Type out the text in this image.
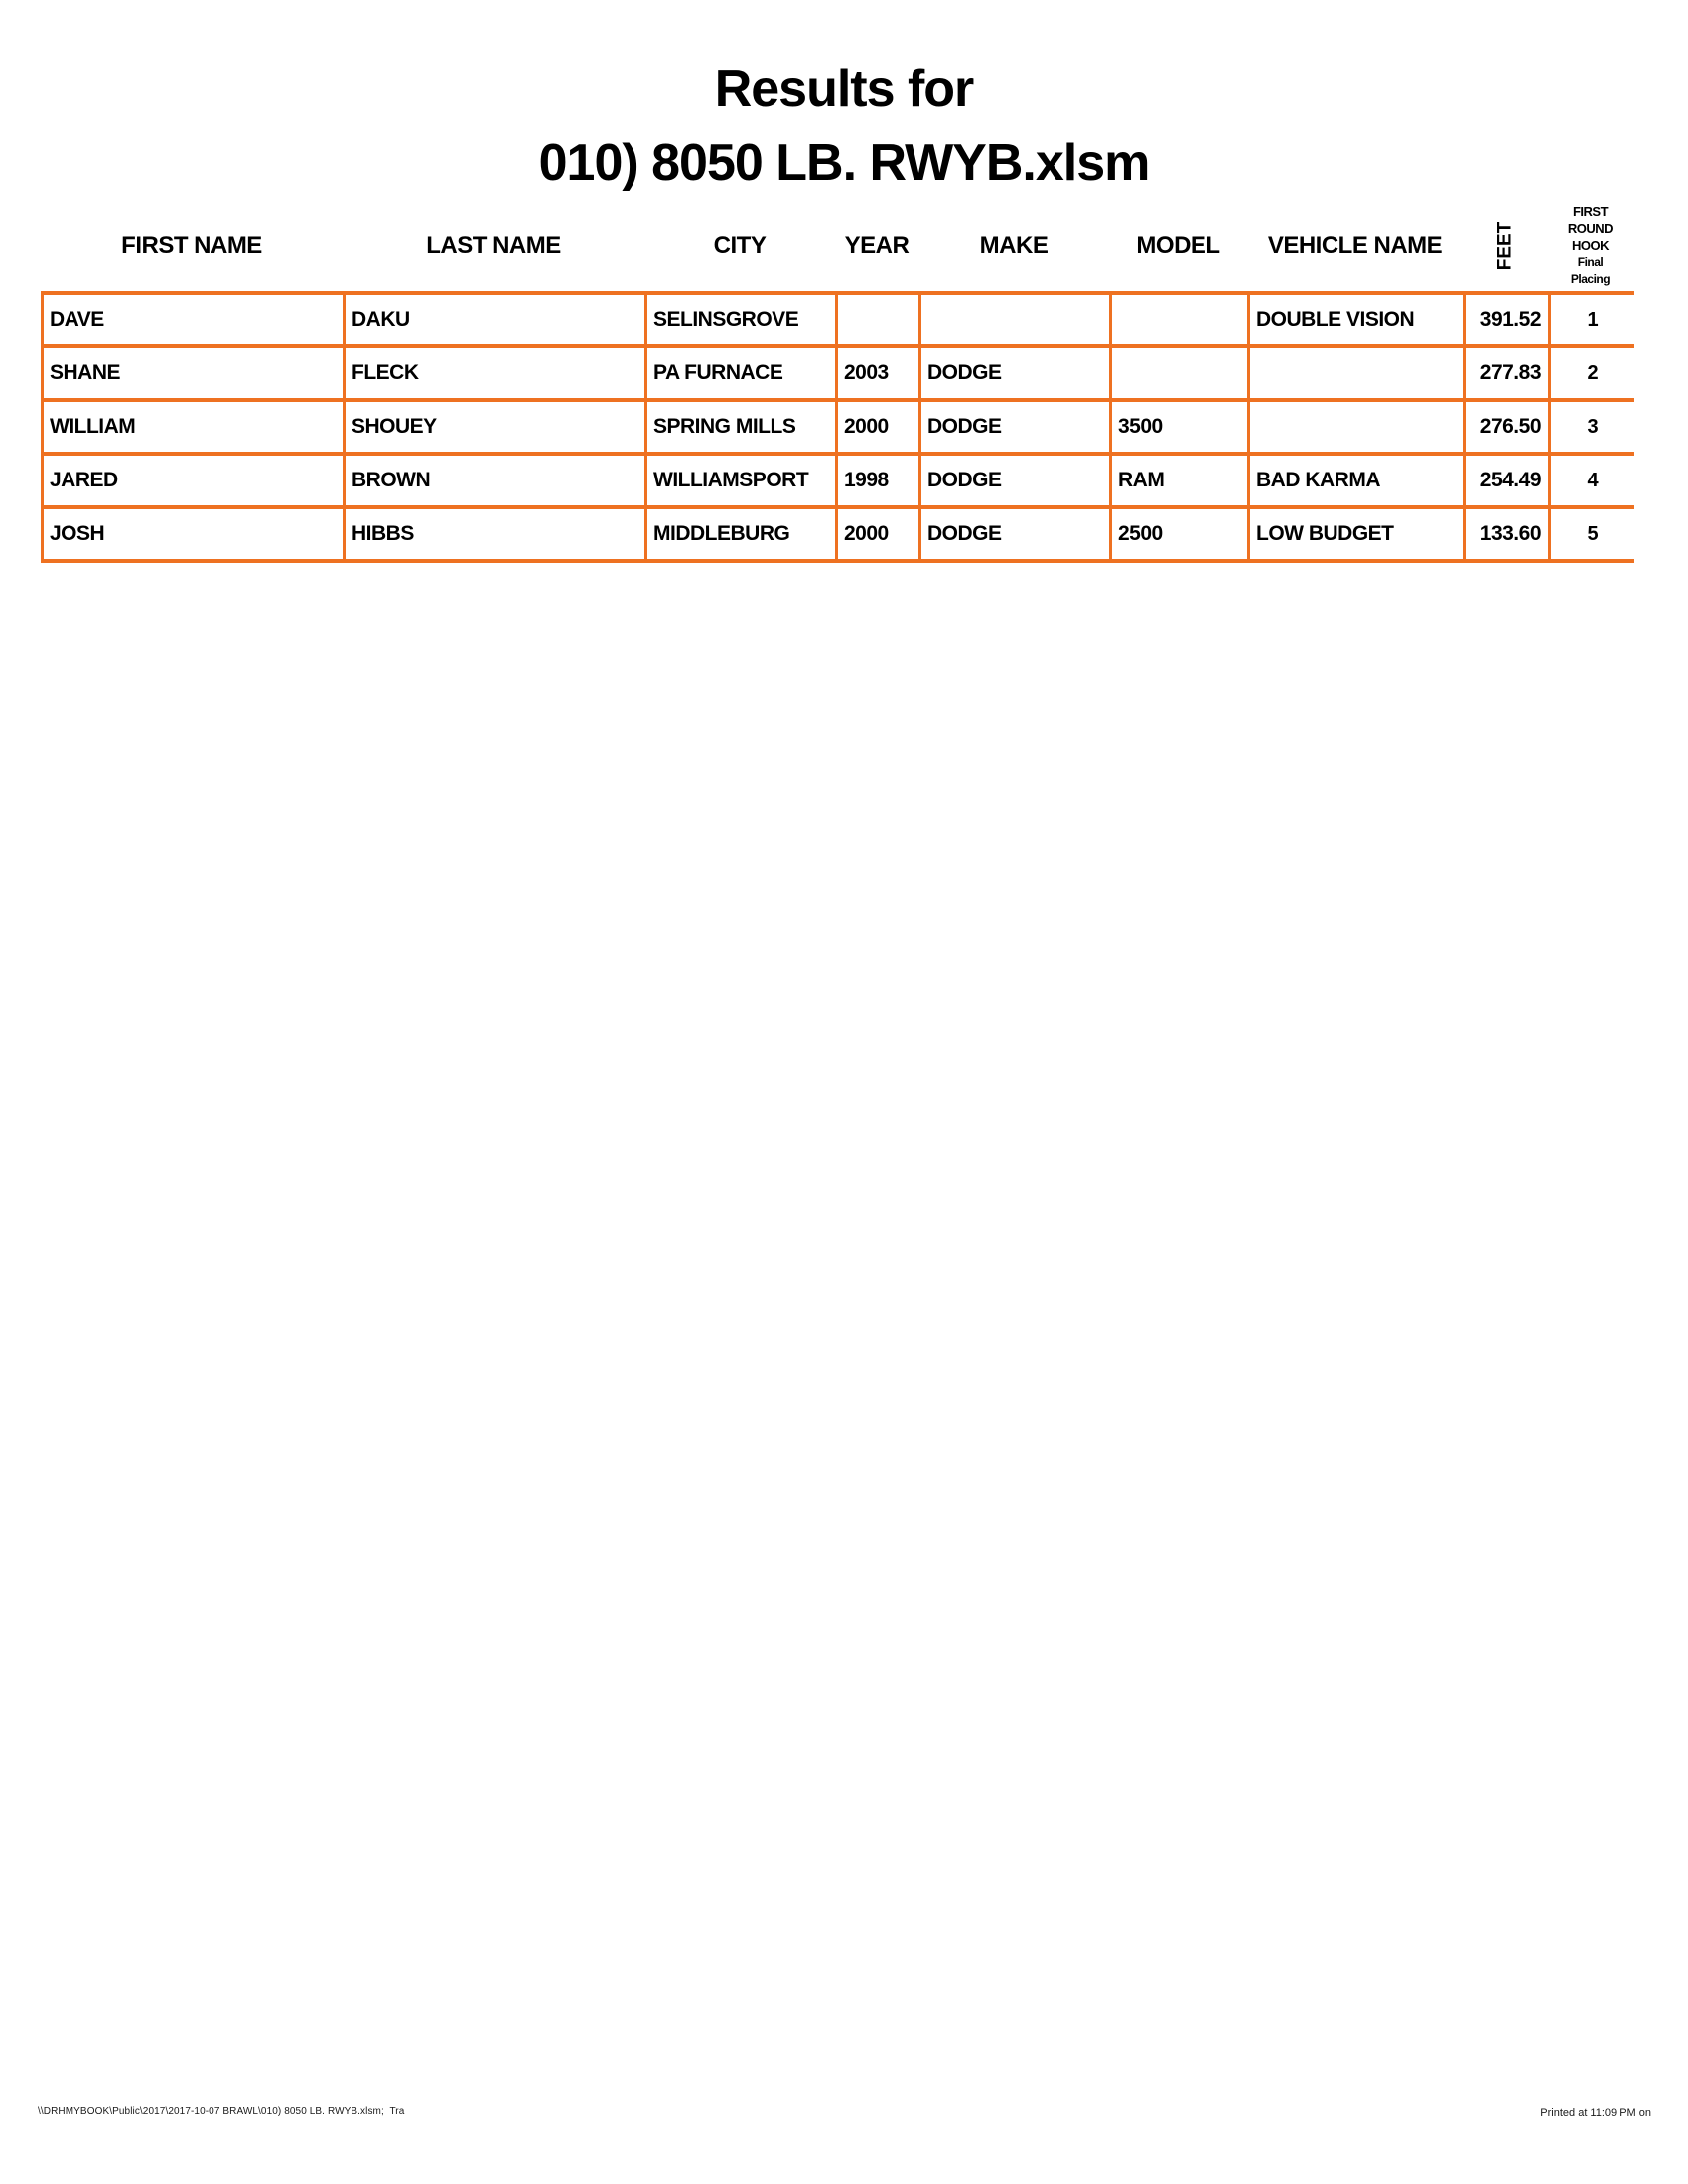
Results for
010) 8050 LB. RWYB.xlsm
FIRST NAME	LAST NAME	CITY	YEAR	MAKE	MODEL	VEHICLE NAME	FEET
FIRST
ROUND
HOOK
Final
Placing
DAVE	DAKU	SELINSGROVE				DOUBLE VISION	391.52	1
SHANE	FLECK	PA FURNACE	2003	DODGE			277.83	2
WILLIAM	SHOUEY	SPRING MILLS	2000	DODGE	3500		276.50	3
JARED	BROWN	WILLIAMSPORT	1998	DODGE	RAM	BAD KARMA	254.49	4
JOSH	HIBBS	MIDDLEBURG	2000	DODGE	2500	LOW BUDGET	133.60	5
\\DRHMYBOOK\Public\2017\2017-10-07 BRAWL\010) 8050 LB. RWYB.xlsm;  Tra	Printed at 11:09 PM on
